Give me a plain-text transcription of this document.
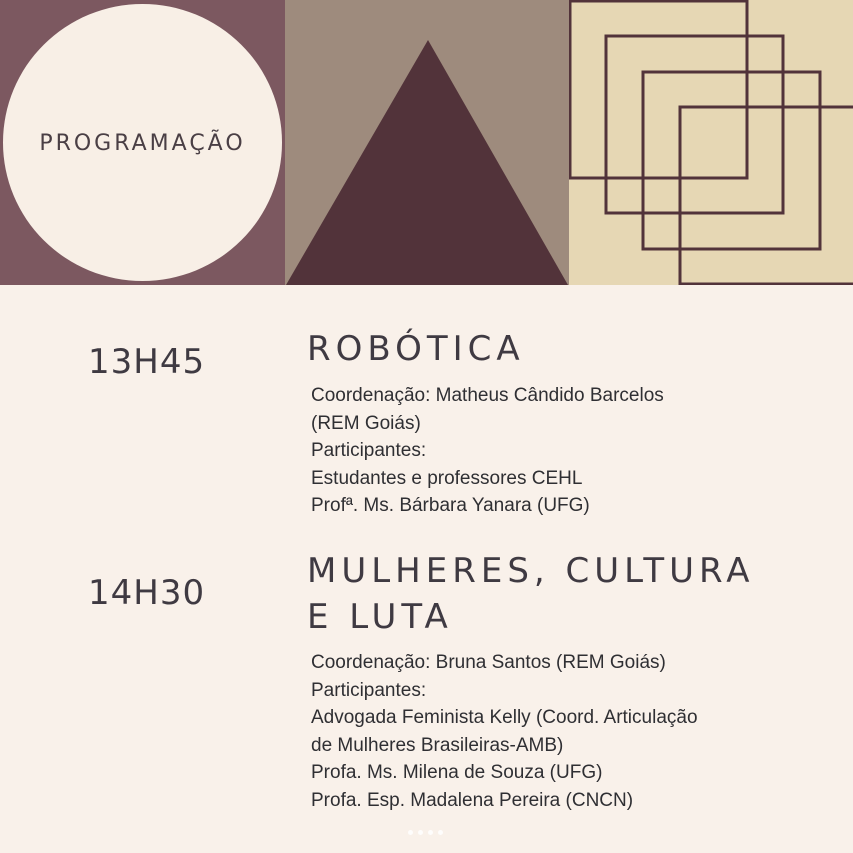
PROGRAMAÇÃO
13H45	ROBÓTICA
Coordenação: Matheus Cândido Barcelos
(REM Goiás)
Participantes:
Estudantes e professores CEHL
Profª. Ms. Bárbara Yanara (UFG)
14H30
MULHERES, CULTURA
E LUTA
Coordenação: Bruna Santos (REM Goiás)
Participantes:
Advogada Feminista Kelly (Coord. Articulação
de Mulheres Brasileiras-AMB)
Profa. Ms. Milena de Souza (UFG)
Profa. Esp. Madalena Pereira (CNCN)
